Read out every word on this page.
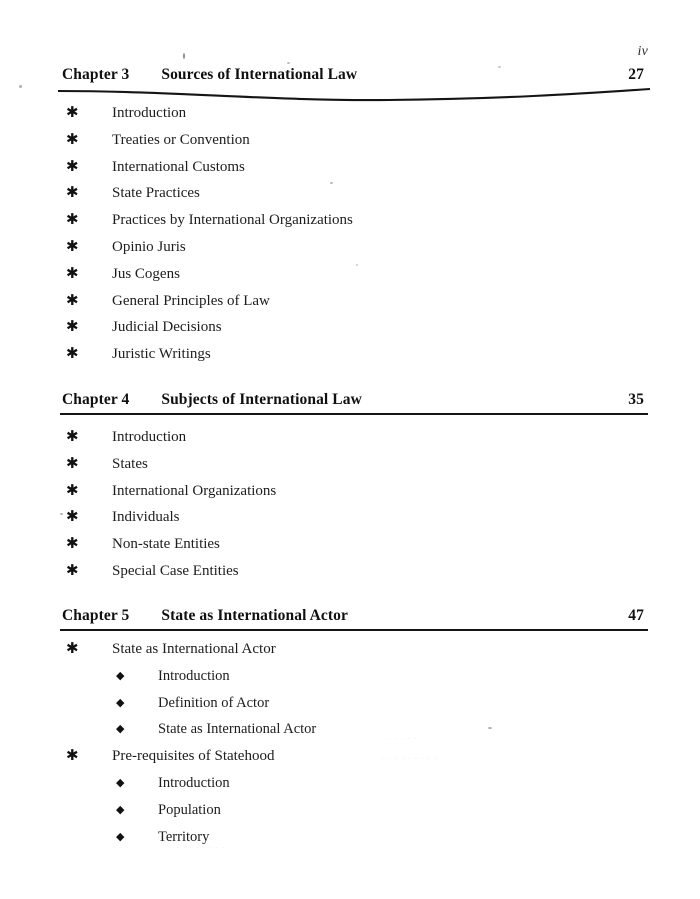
iv
· · · · ·
· · · · · · · · ·
· · · · · · · ·
Chapter 3 Sources of International Law	27
✱ Introduction
✱ Treaties or Convention
✱ International Customs
✱ State Practices
✱ Practices by International Organizations
✱ Opinio Juris
✱ Jus Cogens
✱ General Principles of Law
✱ Judicial Decisions
✱ Juristic Writings
Chapter 4 Subjects of International Law	35
✱ Introduction
✱ States
✱ International Organizations
✱ Individuals
✱ Non-state Entities
✱ Special Case Entities
Chapter 5 State as International Actor	47
✱ State as International Actor
◆ Introduction
◆ Definition of Actor
◆ State as International Actor
✱ Pre-requisites of Statehood
◆ Introduction
◆ Population
◆ Territory
